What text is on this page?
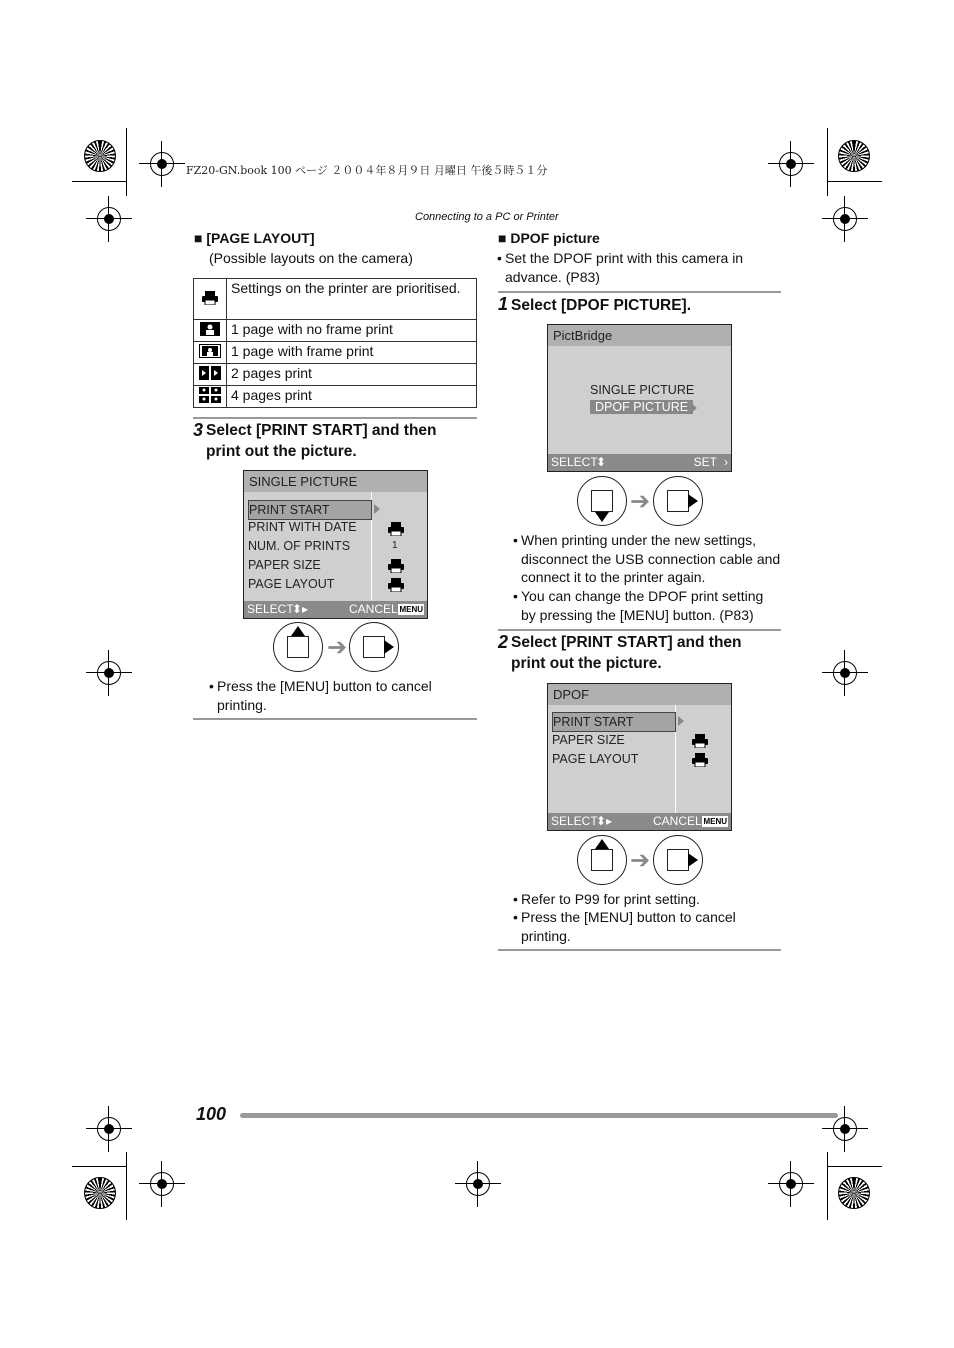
FZ20-GN.book 100 ページ ２００４年８月９日 月曜日 午後５時５１分
Connecting to a PC or Printer
■ [PAGE LAYOUT]
(Possible layouts on the camera)
	Settings on the printer are prioritised.
	1 page with no frame print
	1 page with frame print
	2 pages print
	4 pages print
3 Select [PRINT START] and then print out the picture.
SINGLE PICTURE
PRINT START
PRINT WITH DATE
NUM. OF PRINTS
PAPER SIZE
PAGE LAYOUT
1
SELECT
⬍▸	CANCEL MENU
➔
• Press the [MENU] button to cancel printing.
■ DPOF picture
• Set the DPOF print with this camera in advance. (P83)
1 Select [DPOF PICTURE].
PictBridge
SINGLE PICTURE
DPOF PICTURE
SELECT
⬍	SET ›
➔
• When printing under the new settings, disconnect the USB connection cable and connect it to the printer again.
• You can change the DPOF print setting by pressing the [MENU] button. (P83)
2 Select [PRINT START] and then print out the picture.
DPOF
PRINT START
PAPER SIZE
PAGE LAYOUT
SELECT
⬍▸	CANCEL MENU
➔
• Refer to P99 for print setting.
• Press the [MENU] button to cancel printing.
100
